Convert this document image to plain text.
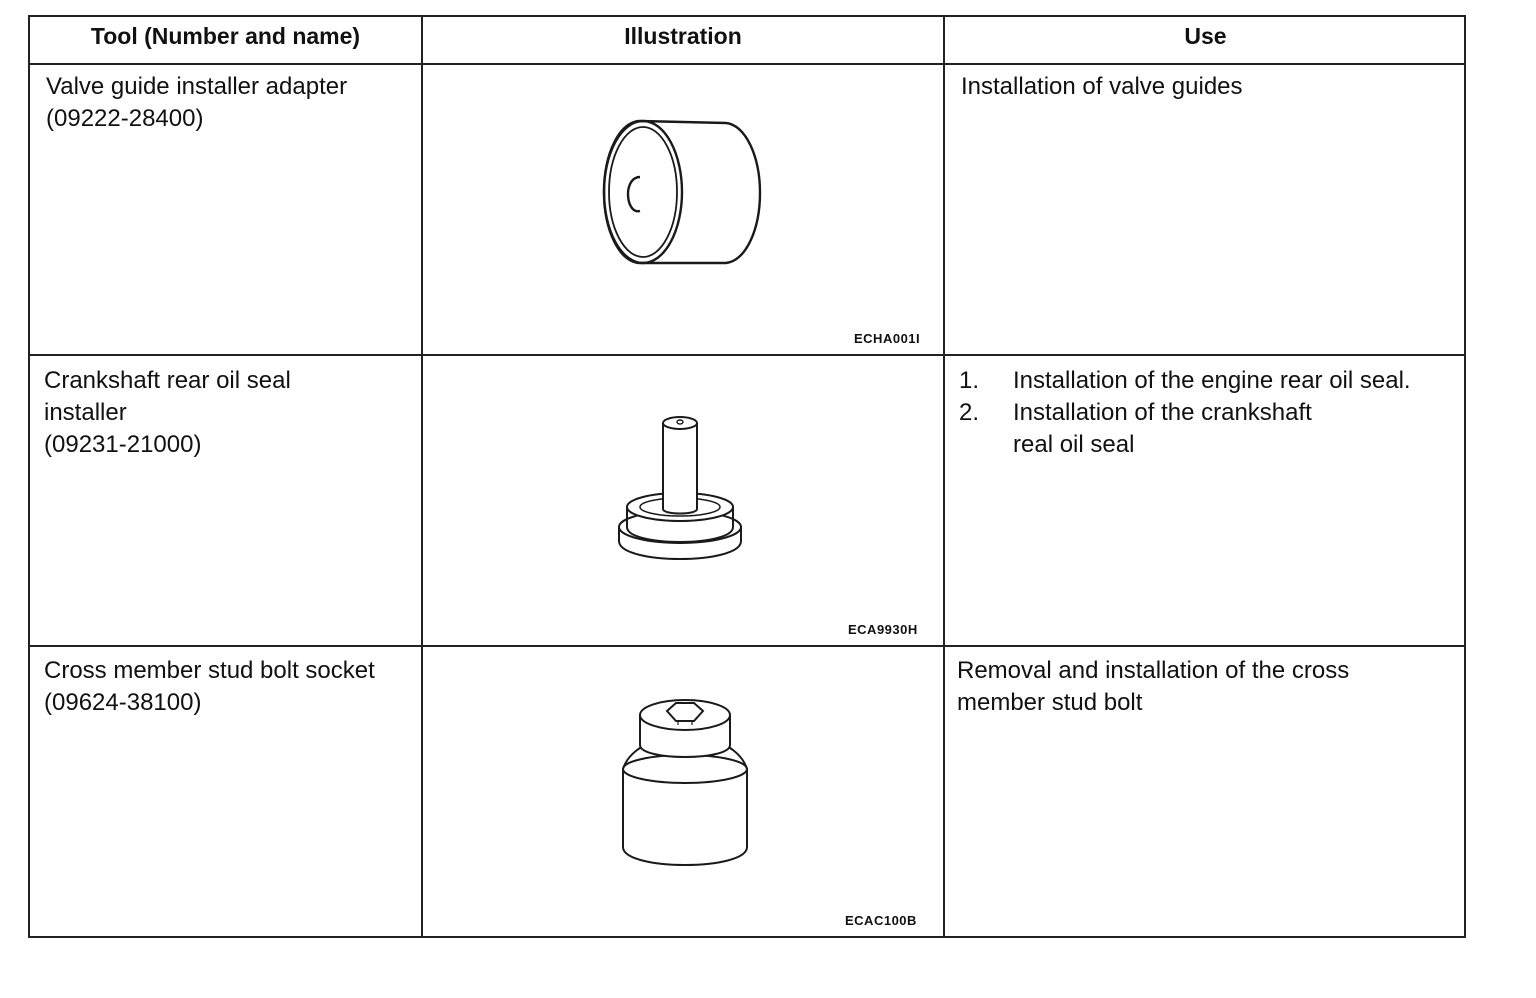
Tool (Number and name)	Illustration	Use
Valve guide installer adapter
(09222-28400)
ECHA001I
Installation of valve guides
Crankshaft rear oil seal
installer
(09231-21000)
ECA9930H
1. Installation of the engine rear oil seal.
2. Installation of the crankshaft
real oil seal
Cross member stud bolt socket
(09624-38100)
ECAC100B
Removal and installation of the cross
member stud bolt
